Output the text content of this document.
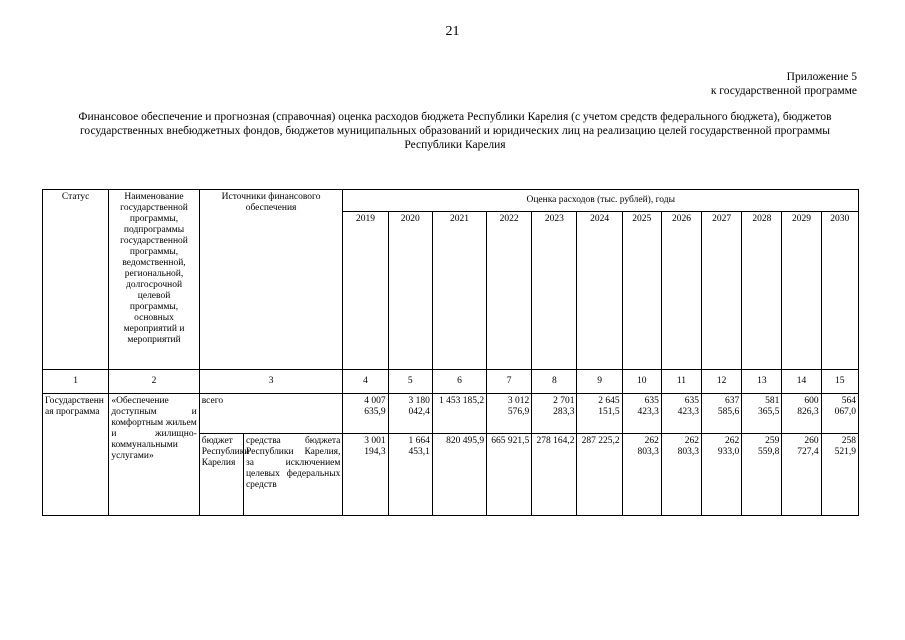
21
Приложение 5
к государственной программе
Финансовое обеспечение и прогнозная (справочная) оценка расходов бюджета Республики Карелия (с учетом средств федерального бюджета), бюджетов государственных внебюджетных фондов, бюджетов муниципальных образований и юридических лиц на реализацию целей государственной программы Республики Карелия
Статус	Наименование государственной программы, подпрограммы государственной программы, ведомственной, региональной, долгосрочной целевой программы, основных мероприятий и мероприятий	Источники финансового обеспечения		Оценка расходов (тыс. рублей), годы											
				2019	2020	2021	2022	2023	2024	2025	2026	2027	2028	2029	2030
1	2	3		4	5	6	7	8	9	10	11	12	13	14	15
Государственная программа	«Обеспечение доступным и комфортным жильем и жилищно-коммунальными услугами»	всего		4 007 635,9	3 180 042,4	1 453 185,2	3 012 576,9	2 701 283,3	2 645 151,5	635 423,3	635 423,3	637 585,6	581 365,5	600 826,3	564 067,0
		бюджет Республики Карелия	средства бюджета Республики Карелия, за исключением целевых федеральных средств	3 001 194,3	1 664 453,1	820 495,9	665 921,5	278 164,2	287 225,2	262 803,3	262 803,3	262 933,0	259 559,8	260 727,4	258 521,9
